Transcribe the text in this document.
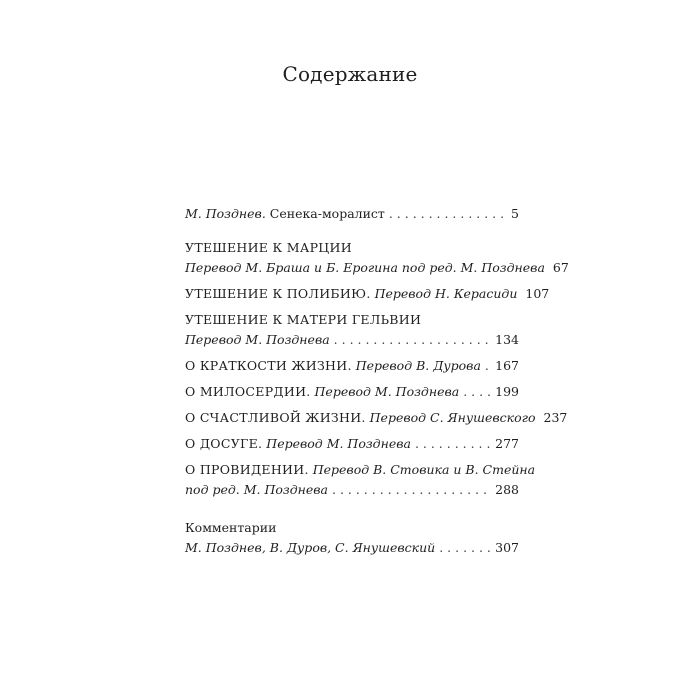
Содержание
М. Позднев.
Сенека-моралист . . .	5
УТЕШЕНИЕ К МАРЦИИ
Перевод М. Браша и Б. Ерогина под ред. М. Позднева 67
УТЕШЕНИЕ К ПОЛИБИЮ.
Перевод Н. Керасиди 107
УТЕШЕНИЕ К МАТЕРИ ГЕЛЬВИИ
Перевод М. Позднева . . .	134
О КРАТКОСТИ ЖИЗНИ.
Перевод В. Дурова . . . 167
О МИЛОСЕРДИИ.
Перевод М. Позднева . . .	199
О СЧАСТЛИВОЙ ЖИЗНИ.
Перевод С. Янушевского 237
О ДОСУГЕ.
Перевод М. Позднева . . .	277
О ПРОВИДЕНИИ. Перевод В. Стовика и В. Стейна
под ред. М. Позднева . . .	288
Комментарии
М. Позднев, В. Дуров, С. Янушевский . . .	307
